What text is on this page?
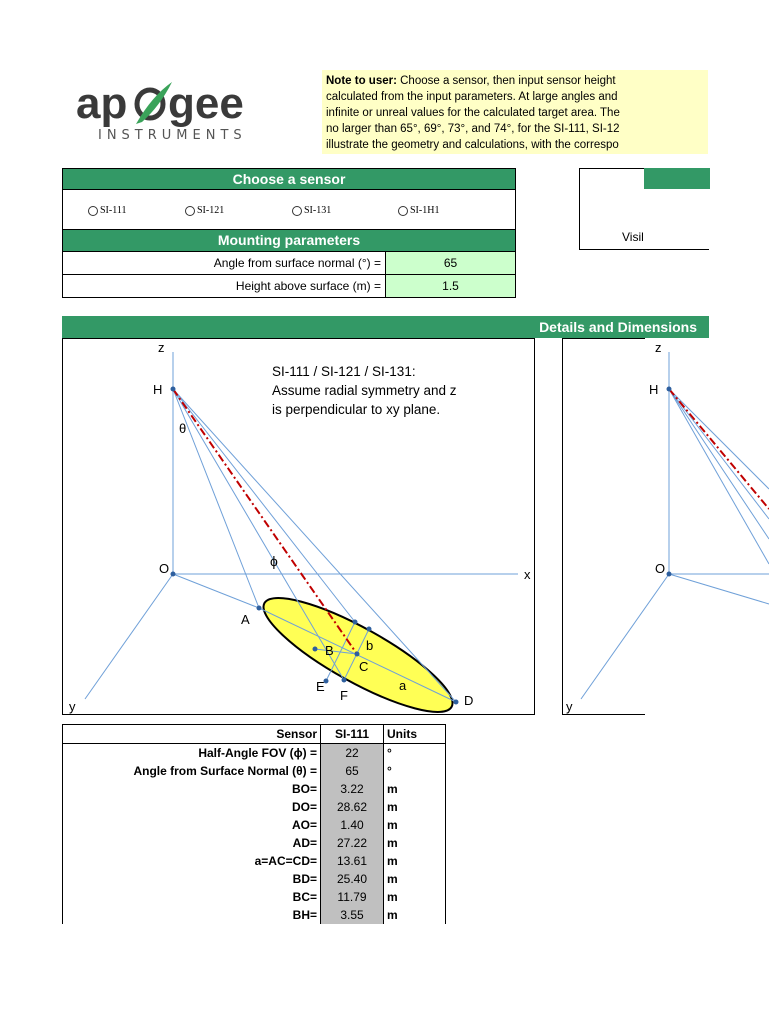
ap gee
INSTRUMENTS
Note to user: Choose a sensor, then input sensor height
calculated from the input parameters. At large angles and
infinite or unreal values for the calculated target area. The
no larger than 65°, 69°, 73°, and 74°, for the SI-111, SI-12
illustrate the geometry and calculations, with the correspo
Choose a sensor
SI-111	SI-121	SI-131	SI-1H1
Mounting parameters
Angle from surface normal (°) =	65
Height above surface (m) =	1.5
Visil
Details and Dimensions
z
H
θ
ϕ
O	x
y
A
B b
C
E
F
a
D
SI-111 / SI-121 / SI-131:
Assume radial symmetry and z
is perpendicular to xy plane.
z
H
O
y
Sensor	SI-111	Units
Half-Angle FOV (ϕ) =	22	°
Angle from Surface Normal (θ) =	65	°
BO=	3.22	m
DO=	28.62	m
AO=	1.40	m
AD=	27.22	m
a=AC=CD=	13.61	m
BD=	25.40	m
BC=	11.79	m
BH=	3.55	m
